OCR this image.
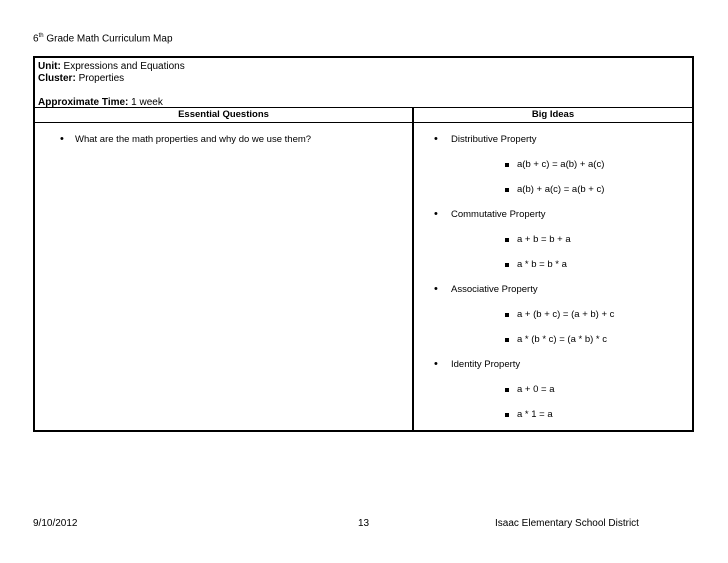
6th Grade Math Curriculum Map
Unit: Expressions and Equations
Cluster: Properties
Approximate Time: 1 week
Essential Questions
• What are the math properties and why do we use them?
Big Ideas
• Distributive Property
a(b + c) = a(b) + a(c)
a(b) + a(c) = a(b + c)
• Commutative Property
a + b = b + a
a * b = b * a
• Associative Property
a + (b + c) = (a + b) + c
a * (b * c) = (a * b) * c
• Identity Property
a + 0 = a
a * 1 = a
9/10/2012	13	Isaac Elementary School District
